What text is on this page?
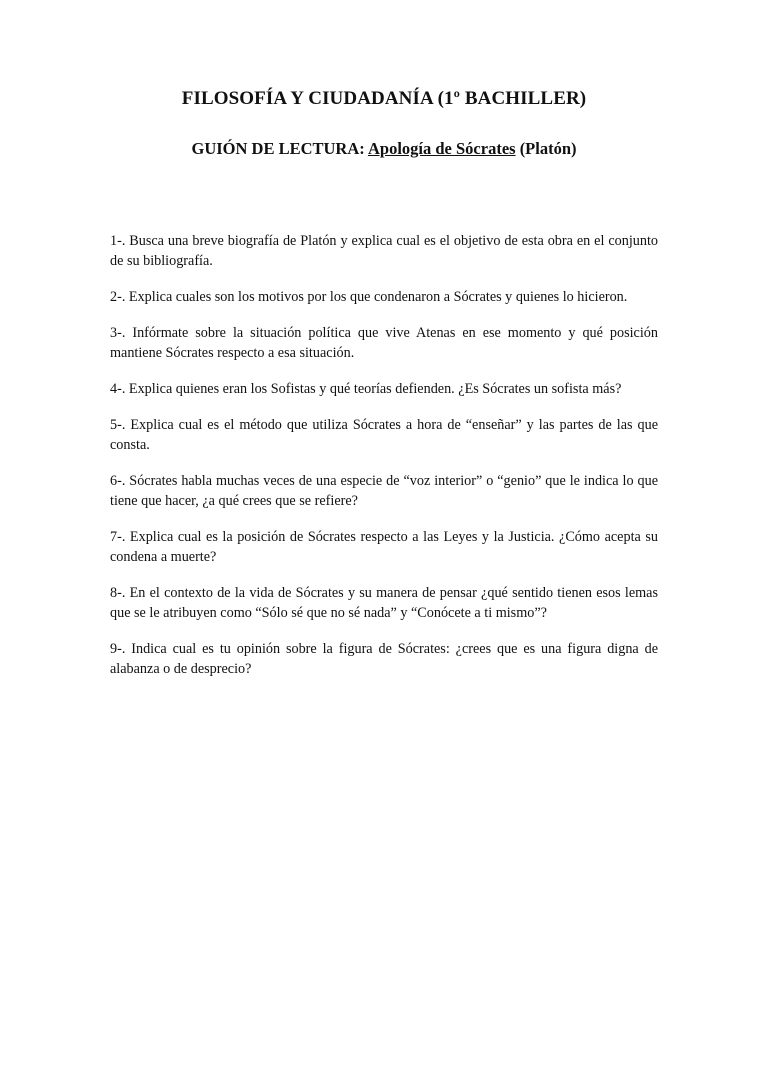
FILOSOFÍA Y CIUDADANÍA (1º BACHILLER)
GUIÓN DE LECTURA: Apología de Sócrates (Platón)
1-. Busca una breve biografía de Platón y explica cual es el objetivo de esta obra en el conjunto de su bibliografía.
2-. Explica cuales son los motivos por los que condenaron a Sócrates y quienes lo hicieron.
3-. Infórmate sobre la situación política que vive Atenas en ese momento y qué posición mantiene Sócrates respecto a esa situación.
4-. Explica quienes eran los Sofistas y qué teorías defienden. ¿Es Sócrates un sofista más?
5-. Explica cual es el método que utiliza Sócrates a hora de “enseñar” y las partes de las que consta.
6-. Sócrates habla muchas veces de una especie de “voz interior” o “genio” que le indica lo que tiene que hacer, ¿a qué crees que se refiere?
7-. Explica cual es la posición de Sócrates respecto a las Leyes y la Justicia. ¿Cómo acepta su condena a muerte?
8-. En el contexto de la vida de Sócrates y su manera de pensar ¿qué sentido tienen esos lemas que se le atribuyen como “Sólo sé que no sé nada” y “Conócete a ti mismo”?
9-. Indica cual es tu opinión sobre la figura de Sócrates: ¿crees que es una figura digna de alabanza o de desprecio?
